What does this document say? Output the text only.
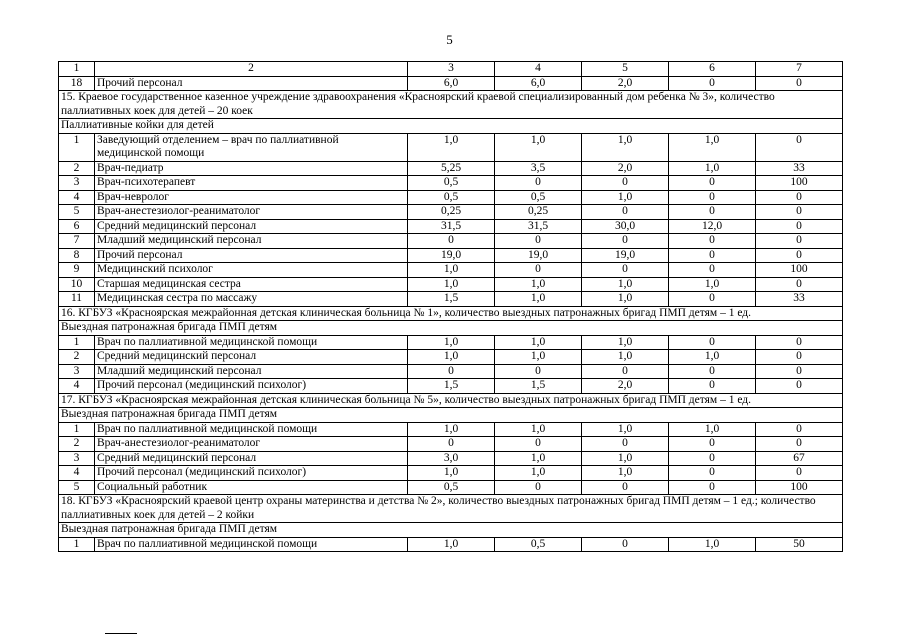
5
1	2	3	4	5	6	7
18	Прочий персонал	6,0	6,0	2,0	0	0
15. Краевое государственное казенное учреждение здравоохранения «Красноярский краевой специализированный дом ребенка № 3», количество паллиативных коек для детей – 20 коек						
Паллиативные койки для детей						
1	Заведующий отделением – врач по паллиативной медицинской помощи	1,0	1,0	1,0	1,0	0
2	Врач-педиатр	5,25	3,5	2,0	1,0	33
3	Врач-психотерапевт	0,5	0	0	0	100
4	Врач-невролог	0,5	0,5	1,0	0	0
5	Врач-анестезиолог-реаниматолог	0,25	0,25	0	0	0
6	Средний медицинский персонал	31,5	31,5	30,0	12,0	0
7	Младший медицинский персонал	0	0	0	0	0
8	Прочий персонал	19,0	19,0	19,0	0	0
9	Медицинский психолог	1,0	0	0	0	100
10	Старшая медицинская сестра	1,0	1,0	1,0	1,0	0
11	Медицинская сестра по массажу	1,5	1,0	1,0	0	33
16. КГБУЗ «Красноярская межрайонная детская клиническая больница № 1», количество выездных патронажных бригад ПМП детям – 1 ед.						
Выездная патронажная бригада ПМП детям						
1	Врач по паллиативной медицинской помощи	1,0	1,0	1,0	0	0
2	Средний медицинский персонал	1,0	1,0	1,0	1,0	0
3	Младший медицинский персонал	0	0	0	0	0
4	Прочий персонал (медицинский психолог)	1,5	1,5	2,0	0	0
17. КГБУЗ «Красноярская межрайонная детская клиническая больница № 5», количество выездных патронажных бригад ПМП детям – 1 ед.						
Выездная патронажная бригада ПМП детям						
1	Врач по паллиативной медицинской помощи	1,0	1,0	1,0	1,0	0
2	Врач-анестезиолог-реаниматолог	0	0	0	0	0
3	Средний медицинский персонал	3,0	1,0	1,0	0	67
4	Прочий персонал (медицинский психолог)	1,0	1,0	1,0	0	0
5	Социальный работник	0,5	0	0	0	100
18. КГБУЗ «Красноярский краевой центр охраны материнства и детства № 2», количество выездных патронажных бригад ПМП детям – 1 ед.; количество паллиативных коек для детей – 2 койки						
Выездная патронажная бригада ПМП детям						
1	Врач по паллиативной медицинской помощи	1,0	0,5	0	1,0	50
